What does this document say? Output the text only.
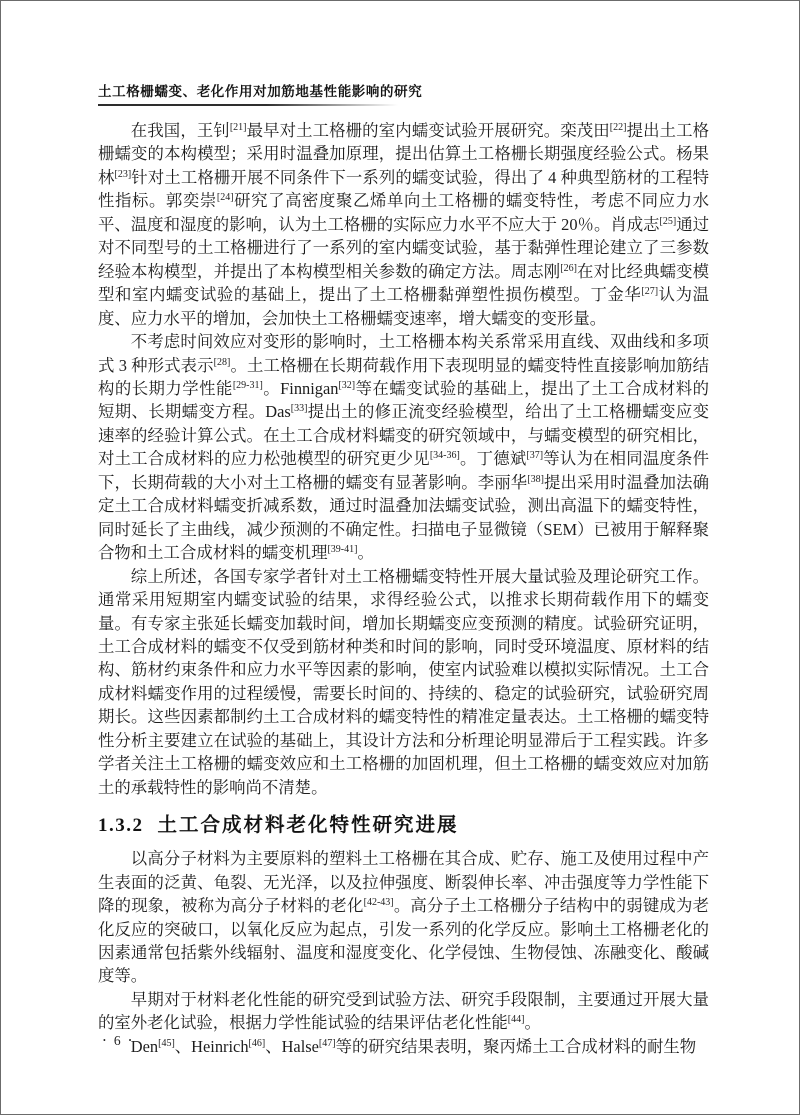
土工格栅蠕变、老化作用对加筋地基性能影响的研究

在我国，王钊[21]最早对土工格栅的室内蠕变试验开展研究。栾茂田[22]提出土工格栅蠕变的本构模型；采用时温叠加原理，提出估算土工格栅长期强度经验公式。杨果林[23]针对土工格栅开展不同条件下一系列的蠕变试验，得出了 4 种典型筋材的工程特性指标。郭奕崇[24]研究了高密度聚乙烯单向土工格栅的蠕变特性，考虑不同应力水平、温度和湿度的影响，认为土工格栅的实际应力水平不应大于 20％。肖成志[25]通过对不同型号的土工格栅进行了一系列的室内蠕变试验，基于黏弹性理论建立了三参数经验本构模型，并提出了本构模型相关参数的确定方法。周志刚[26]在对比经典蠕变模型和室内蠕变试验的基础上，提出了土工格栅黏弹塑性损伤模型。丁金华[27]认为温度、应力水平的增加，会加快土工格栅蠕变速率，增大蠕变的变形量。

不考虑时间效应对变形的影响时，土工格栅本构关系常采用直线、双曲线和多项式 3 种形式表示[28]。土工格栅在长期荷载作用下表现明显的蠕变特性直接影响加筋结构的长期力学性能[29-31]。Finnigan[32]等在蠕变试验的基础上，提出了土工合成材料的短期、长期蠕变方程。Das[33]提出土的修正流变经验模型，给出了土工格栅蠕变应变速率的经验计算公式。在土工合成材料蠕变的研究领域中，与蠕变模型的研究相比，对土工合成材料的应力松弛模型的研究更少见[34-36]。丁德斌[37]等认为在相同温度条件下，长期荷载的大小对土工格栅的蠕变有显著影响。李丽华[38]提出采用时温叠加法确定土工合成材料蠕变折减系数，通过时温叠加法蠕变试验，测出高温下的蠕变特性，同时延长了主曲线，减少预测的不确定性。扫描电子显微镜（SEM）已被用于解释聚合物和土工合成材料的蠕变机理[39-41]。

综上所述，各国专家学者针对土工格栅蠕变特性开展大量试验及理论研究工作。通常采用短期室内蠕变试验的结果，求得经验公式，以推求长期荷载作用下的蠕变量。有专家主张延长蠕变加载时间，增加长期蠕变应变预测的精度。试验研究证明，土工合成材料的蠕变不仅受到筋材种类和时间的影响，同时受环境温度、原材料的结构、筋材约束条件和应力水平等因素的影响，使室内试验难以模拟实际情况。土工合成材料蠕变作用的过程缓慢，需要长时间的、持续的、稳定的试验研究，试验研究周期长。这些因素都制约土工合成材料的蠕变特性的精准定量表达。土工格栅的蠕变特性分析主要建立在试验的基础上，其设计方法和分析理论明显滞后于工程实践。许多学者关注土工格栅的蠕变效应和土工格栅的加固机理，但土工格栅的蠕变效应对加筋土的承载特性的影响尚不清楚。

1.3.2 土工合成材料老化特性研究进展

以高分子材料为主要原料的塑料土工格栅在其合成、贮存、施工及使用过程中产生表面的泛黄、龟裂、无光泽，以及拉伸强度、断裂伸长率、冲击强度等力学性能下降的现象，被称为高分子材料的老化[42-43]。高分子土工格栅分子结构中的弱键成为老化反应的突破口，以氧化反应为起点，引发一系列的化学反应。影响土工格栅老化的因素通常包括紫外线辐射、温度和湿度变化、化学侵蚀、生物侵蚀、冻融变化、酸碱度等。

早期对于材料老化性能的研究受到试验方法、研究手段限制，主要通过开展大量的室外老化试验，根据力学性能试验的结果评估老化性能[44]。

Den[45]、Heinrich[46]、Halse[47]等的研究结果表明，聚丙烯土工合成材料的耐生物

• 6 •
